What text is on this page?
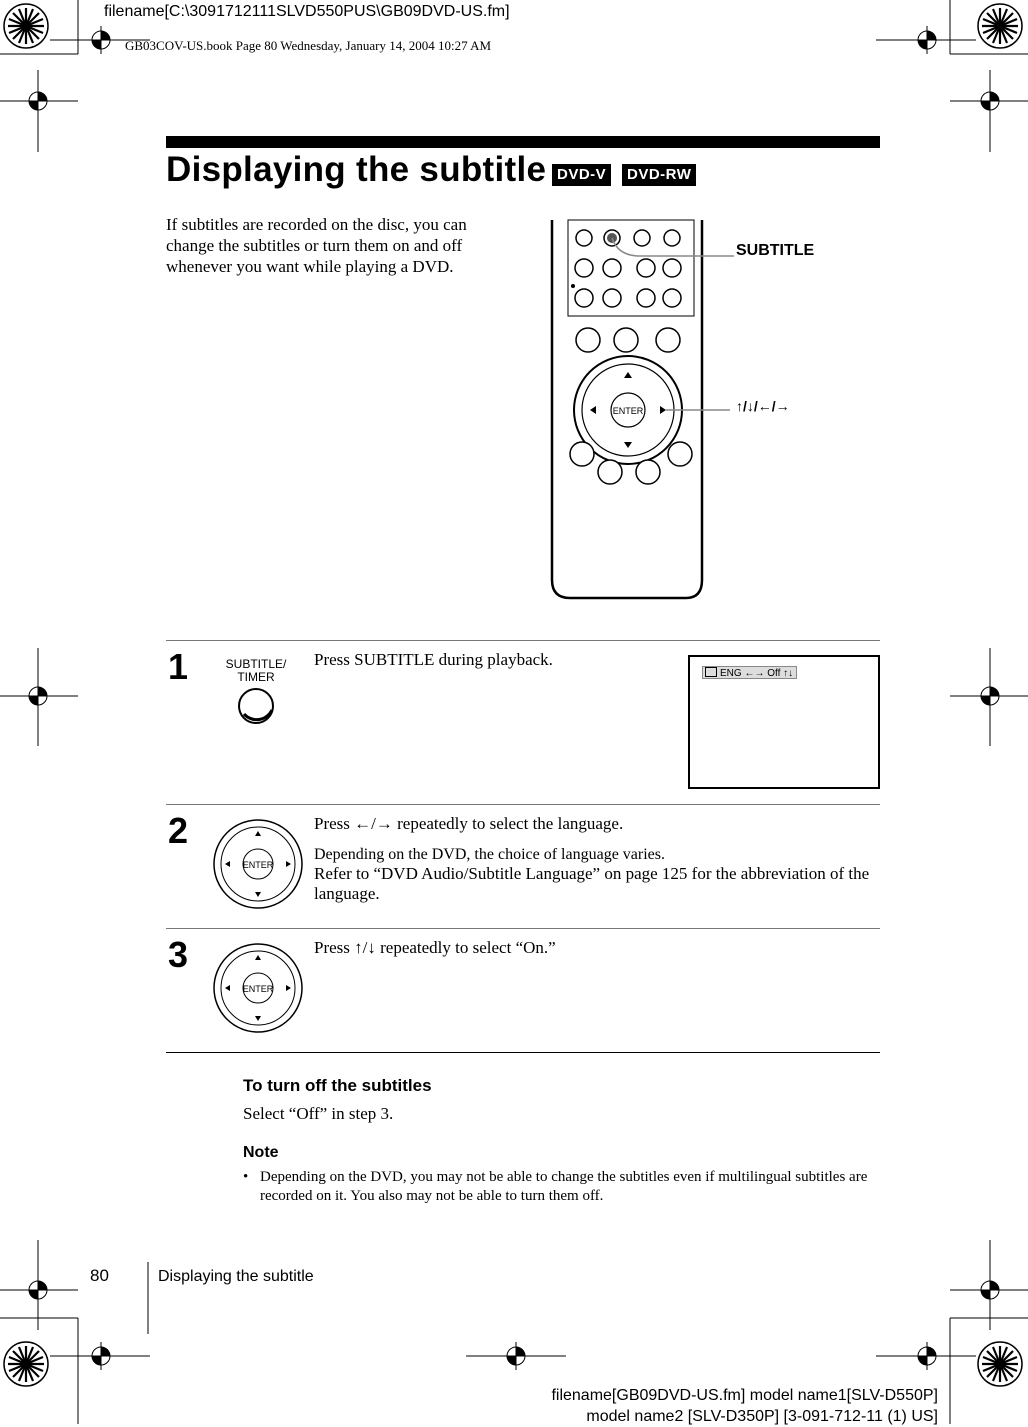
filename[C:\3091712111SLVD550PUS\GB09DVD-US.fm]
GB03COV-US.book Page 80 Wednesday, January 14, 2004 10:27 AM
Displaying the subtitle DVD-V	DVD-RW
If subtitles are recorded on the disc, you can change the subtitles or turn them on and off whenever you want while playing a DVD.
ENTER
SUBTITLE
↑/↓/←/→
1	SUBTITLE/
TIMER
Press SUBTITLE during playback.
ENG ←→ Off ↑↓
2
ENTER
Press ←/→ repeatedly to select the language.
Depending on the DVD, the choice of language varies.
Refer to “DVD Audio/Subtitle Language” on page 125 for the abbreviation of the language.
3
ENTER
Press ↑/↓ repeatedly to select “On.”
To turn off the subtitles
Select “Off” in step 3.
Note
• Depending on the DVD, you may not be able to change the subtitles even if multilingual subtitles are recorded on it. You also may not be able to turn them off.
80	Displaying the subtitle
filename[GB09DVD-US.fm] model name1[SLV-D550P]
model name2 [SLV-D350P] [3-091-712-11 (1) US]
